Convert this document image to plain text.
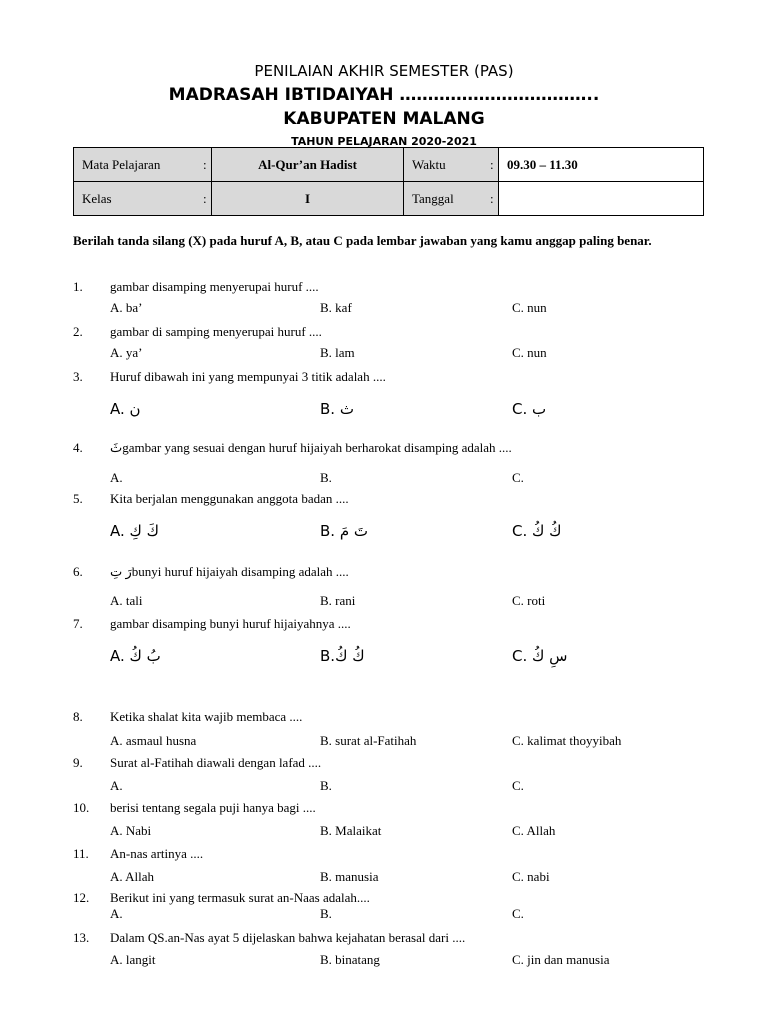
PENILAIAN AKHIR SEMESTER (PAS)
MADRASAH IBTIDAIYAH ……………………………..
KABUPATEN MALANG
TAHUN PELAJARAN 2020-2021
Mata Pelajaran	:	Al-Qur’an Hadist	Waktu	:	09.30 – 11.30
Kelas	:	I	Tanggal	:	
Berilah tanda silang (X) pada huruf A, B, atau C pada lembar jawaban yang kamu anggap paling benar.
1. gambar disamping menyerupai huruf ....
A. ba’	B. kaf	C. nun
2. gambar di samping menyerupai huruf ....
A. ya’	B. lam	C. nun
3. Huruf dibawah ini yang mempunyai 3 titik adalah ....
A. ن	B. ث	C. ب
4. ثَgambar yang sesuai dengan huruf hijaiyah berharokat disamping adalah ....
A.	B.	C.
5. Kita berjalan menggunakan anggota badan ....
A. كَ كِ	B. تَ مَ	C. كُ كُ
6. رَ تِbunyi huruf hijaiyah disamping adalah ....
A. tali	B. rani	C. roti
7. gambar disamping bunyi huruf hijaiyahnya ....
A. بُ كُ	B.كُ كُ	C. سِ كُ
8. Ketika shalat kita wajib membaca ....
A. asmaul husna	B. surat al-Fatihah	C. kalimat thoyyibah
9. Surat al-Fatihah diawali dengan lafad ....
A.	B.	C.
10. berisi tentang segala puji hanya bagi ....
A. Nabi	B. Malaikat	C. Allah
11. An-nas artinya ....
A. Allah	B. manusia	C. nabi
12. Berikut ini yang termasuk surat an-Naas adalah....
A.	B.	C.
13. Dalam QS.an-Nas ayat 5 dijelaskan bahwa kejahatan berasal dari ....
A. langit	B. binatang	C. jin dan manusia
